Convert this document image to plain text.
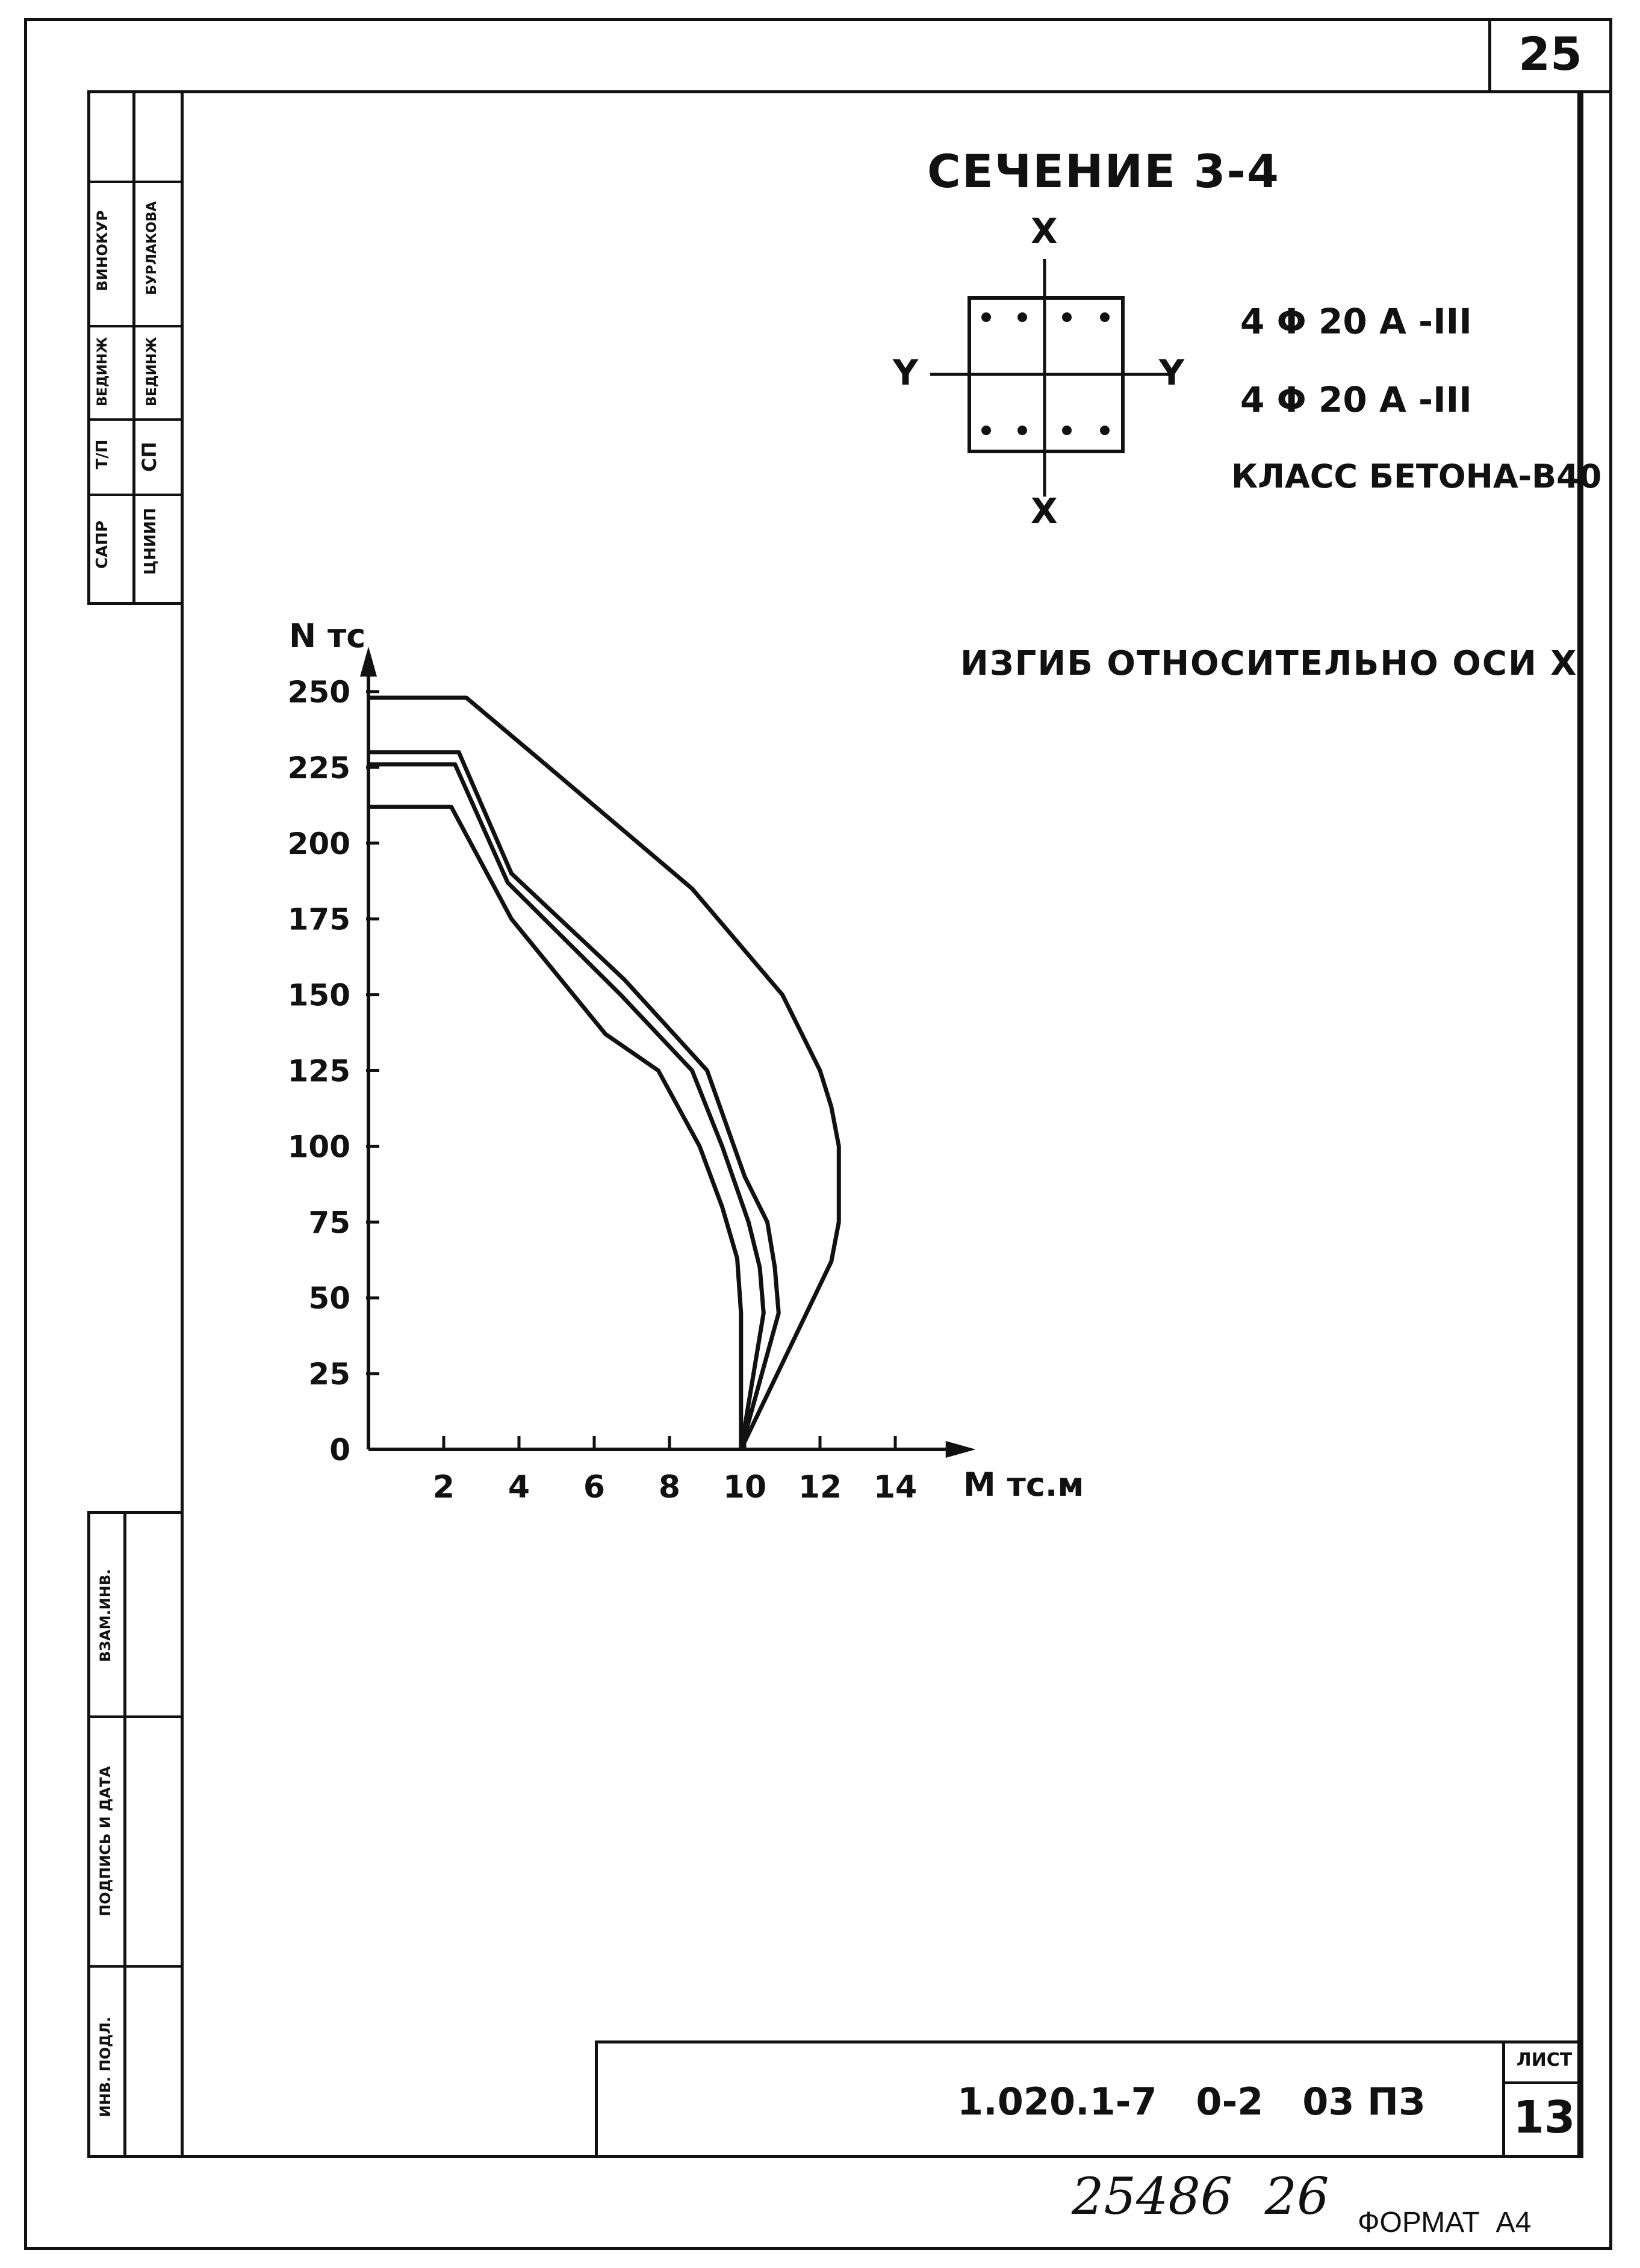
25
САПР
Т/П
ВЕДИНЖ
ВИНОКУР
ЦНИИП
СП
ВЕДИНЖ
БУРЛАКОВА
ВЗАМ.ИНВ.
ПОДПИСЬ И ДАТА
ИНВ. ПОДЛ.	1.020.1-7   0-2   03 ПЗ
ЛИСТ
13
25486  26 ФОРМАТ  А4
СЕЧЕНИЕ 3-4
X
X
Y	Y
4 Φ 20 A -III
4 Φ 20 A -III
КЛАСС БЕТОНА-В40
ИЗГИБ ОТНОСИТЕЛЬНО ОСИ X
2 4 6 8 10 12 14
0
25
50
75
100
125
150
175
200
225
250
N тс
M тс.м
